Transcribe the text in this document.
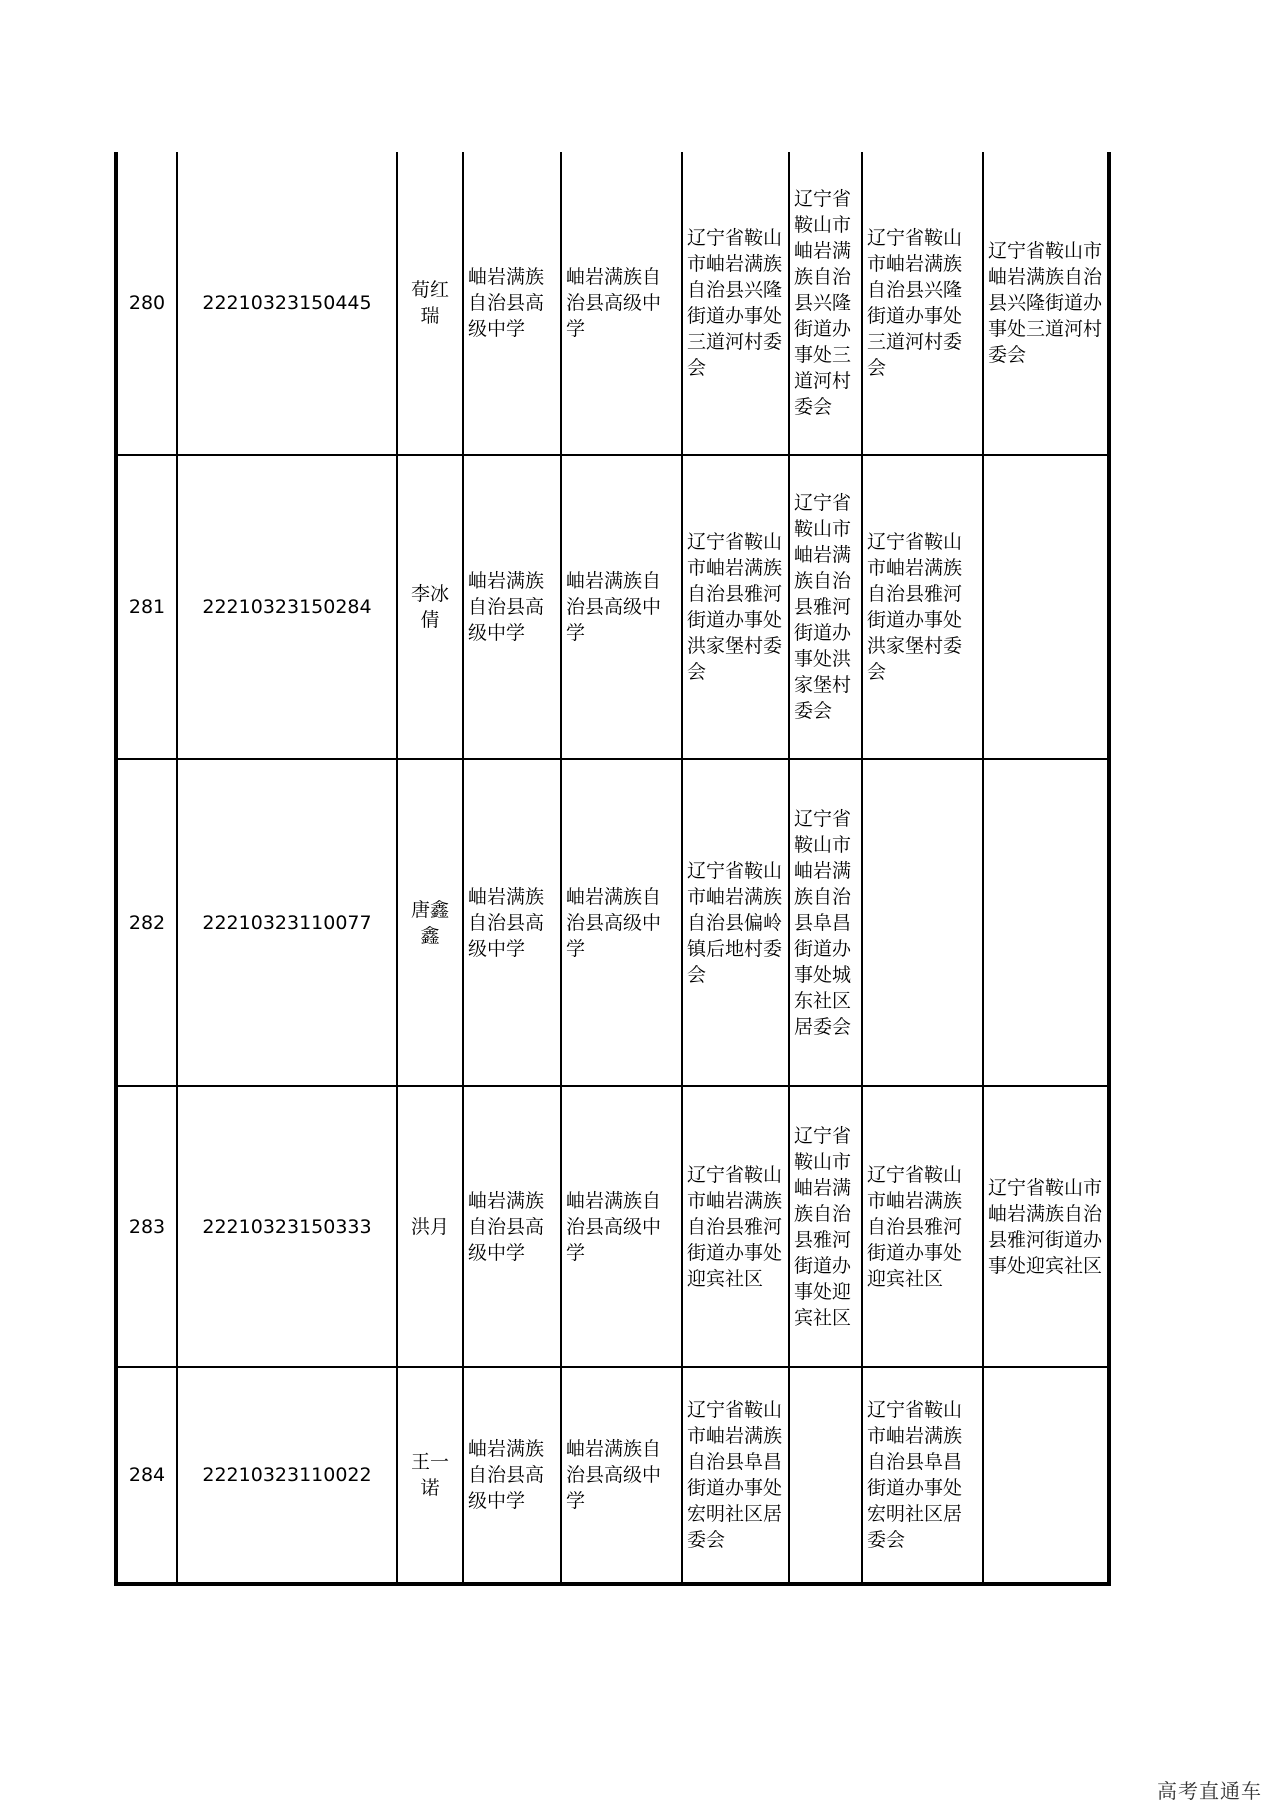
280	22210323150445	荀红瑞	岫岩满族自治县高级中学	岫岩满族自治县高级中学	辽宁省鞍山市岫岩满族自治县兴隆街道办事处三道河村委会	辽宁省鞍山市岫岩满族自治县兴隆街道办事处三道河村委会	辽宁省鞍山市岫岩满族自治县兴隆街道办事处三道河村委会	辽宁省鞍山市岫岩满族自治县兴隆街道办事处三道河村委会

281	22210323150284	李冰倩	岫岩满族自治县高级中学	岫岩满族自治县高级中学	辽宁省鞍山市岫岩满族自治县雅河街道办事处洪家堡村委会	辽宁省鞍山市岫岩满族自治县雅河街道办事处洪家堡村委会	辽宁省鞍山市岫岩满族自治县雅河街道办事处洪家堡村委会	

282	22210323110077	唐鑫鑫	岫岩满族自治县高级中学	岫岩满族自治县高级中学	辽宁省鞍山市岫岩满族自治县偏岭镇后地村委会	辽宁省鞍山市岫岩满族自治县阜昌街道办事处城东社区居委会		

283	22210323150333	洪月	岫岩满族自治县高级中学	岫岩满族自治县高级中学	辽宁省鞍山市岫岩满族自治县雅河街道办事处迎宾社区	辽宁省鞍山市岫岩满族自治县雅河街道办事处迎宾社区	辽宁省鞍山市岫岩满族自治县雅河街道办事处迎宾社区	辽宁省鞍山市岫岩满族自治县雅河街道办事处迎宾社区

284	22210323110022	王一诺	岫岩满族自治县高级中学	岫岩满族自治县高级中学	辽宁省鞍山市岫岩满族自治县阜昌街道办事处宏明社区居委会		辽宁省鞍山市岫岩满族自治县阜昌街道办事处宏明社区居委会	

高考直通车
